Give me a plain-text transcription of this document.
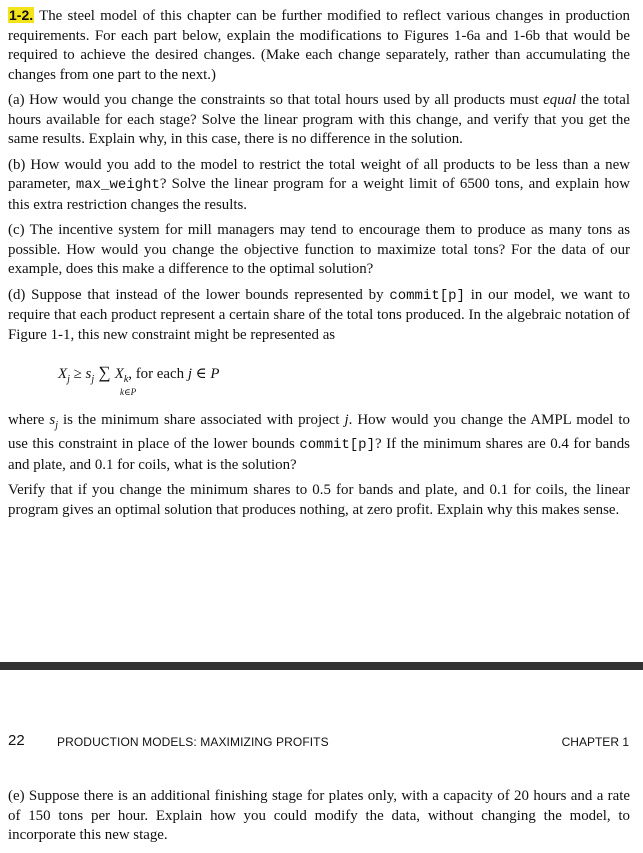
1-2. The steel model of this chapter can be further modified to reflect various changes in production requirements. For each part below, explain the modifications to Figures 1-6a and 1-6b that would be required to achieve the desired changes. (Make each change separately, rather than accumulating the changes from one part to the next.)

(a) How would you change the constraints so that total hours used by all products must equal the total hours available for each stage? Solve the linear program with this change, and verify that you get the same results. Explain why, in this case, there is no difference in the solution.

(b) How would you add to the model to restrict the total weight of all products to be less than a new parameter, max_weight? Solve the linear program for a weight limit of 6500 tons, and explain how this extra restriction changes the results.

(c) The incentive system for mill managers may tend to encourage them to produce as many tons as possible. How would you change the objective function to maximize total tons? For the data of our example, does this make a difference to the optimal solution?

(d) Suppose that instead of the lower bounds represented by commit[p] in our model, we want to require that each product represent a certain share of the total tons produced. In the algebraic notation of Figure 1-1, this new constraint might be represented as

$X_j \ge s_j$ ∑ $X_k$, for each j ∈ P
k∈P

where $s_j$ is the minimum share associated with project j. How would you change the AMPL model to use this constraint in place of the lower bounds commit[p]? If the minimum shares are 0.4 for bands and plate, and 0.1 for coils, what is the solution?

Verify that if you change the minimum shares to 0.5 for bands and plate, and 0.1 for coils, the linear program gives an optimal solution that produces nothing, at zero profit. Explain why this makes sense.

22	PRODUCTION MODELS: MAXIMIZING PROFITS	CHAPTER 1

(e) Suppose there is an additional finishing stage for plates only, with a capacity of 20 hours and a rate of 150 tons per hour. Explain how you could modify the data, without changing the model, to incorporate this new stage.
